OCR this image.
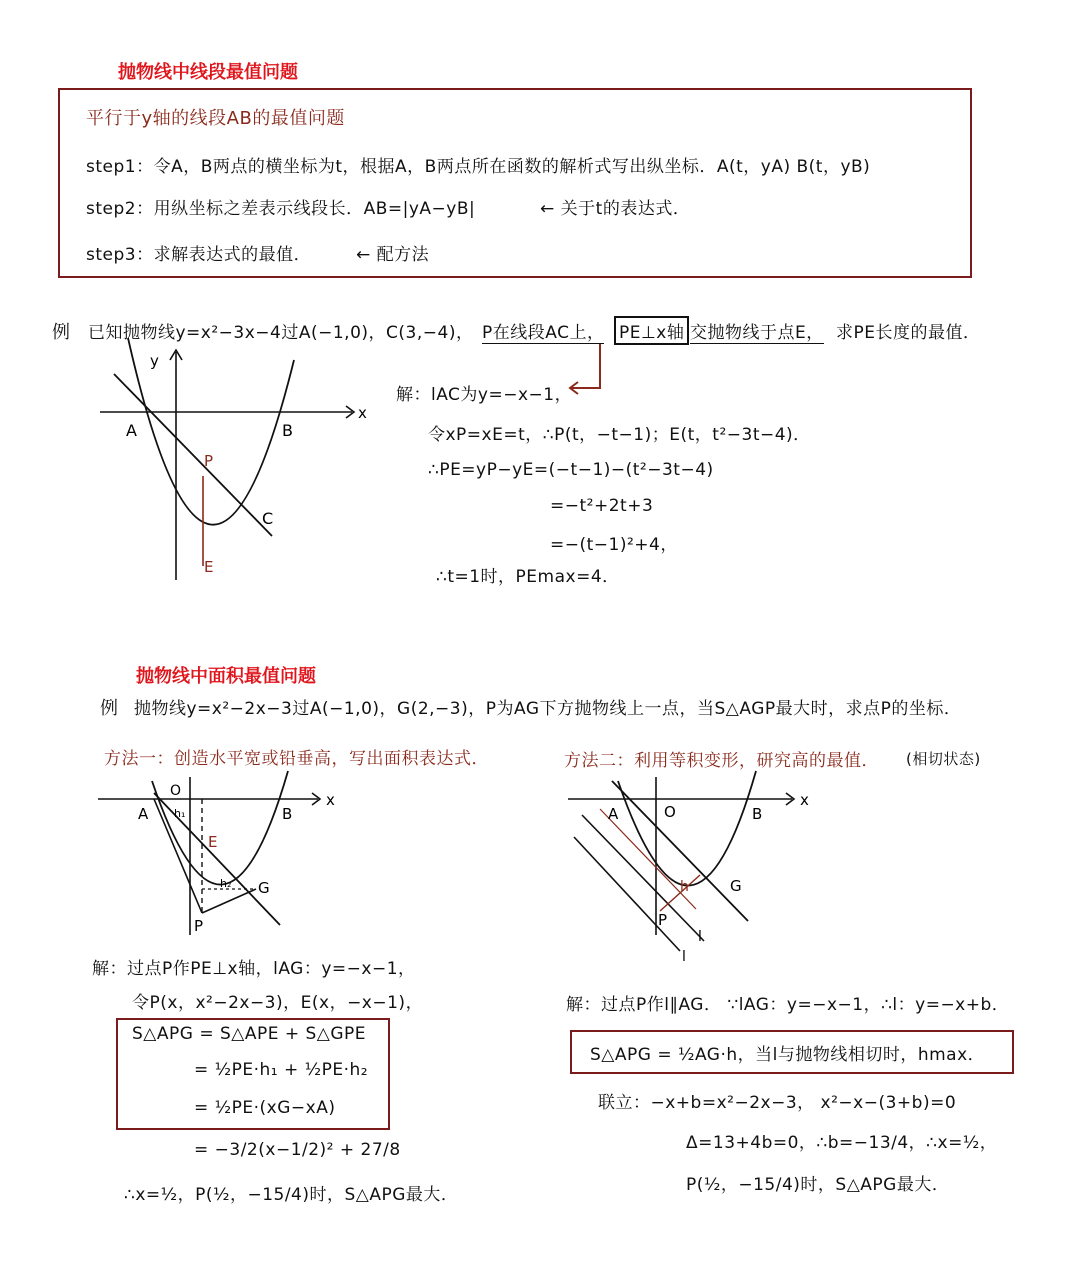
抛物线中线段最值问题
平行于y轴的线段AB的最值问题
step1：令A，B两点的横坐标为t，根据A，B两点所在函数的解析式写出纵坐标．A(t，yA) B(t，yB)
step2：用纵坐标之差表示线段长．AB=|yA−yB|	← 关于t的表达式．
step3：求解表达式的最值．	← 配方法
例 已知抛物线y=x²−3x−4过A(−1,0)，C(3,−4)， P在线段AC上， PE⊥x轴 交抛物线于点E， 求PE长度的最值．
y
x
A	B
C
P
E
解：lAC为y=−x−1，
令xP=xE=t，∴P(t，−t−1)；E(t，t²−3t−4)．
∴PE=yP−yE=(−t−1)−(t²−3t−4)
=−t²+2t+3
=−(t−1)²+4，
∴t=1时，PEmax=4．
抛物线中面积最值问题
例 抛物线y=x²−2x−3过A(−1,0)，G(2,−3)，P为AG下方抛物线上一点，当S△AGP最大时，求点P的坐标．
方法一：创造水平宽或铅垂高，写出面积表达式．	方法二：利用等积变形，研究高的最值． (相切状态)
O	x
A	B
E
G
P
h₁
h₂
A	O	B
x
G
P
h
l
l
解：过点P作PE⊥x轴，lAG：y=−x−1，
令P(x，x²−2x−3)，E(x，−x−1)，
S△APG = S△APE + S△GPE
= ½PE·h₁ + ½PE·h₂
= ½PE·(xG−xA)
= −3/2(x−1/2)² + 27/8
∴x=½，P(½，−15/4)时，S△APG最大．
解：过点P作l∥AG． ∵lAG：y=−x−1，∴l：y=−x+b．
S△APG = ½AG·h，当l与抛物线相切时，hmax．
联立：−x+b=x²−2x−3， x²−x−(3+b)=0
Δ=13+4b=0，∴b=−13/4，∴x=½，
P(½，−15/4)时，S△APG最大．
